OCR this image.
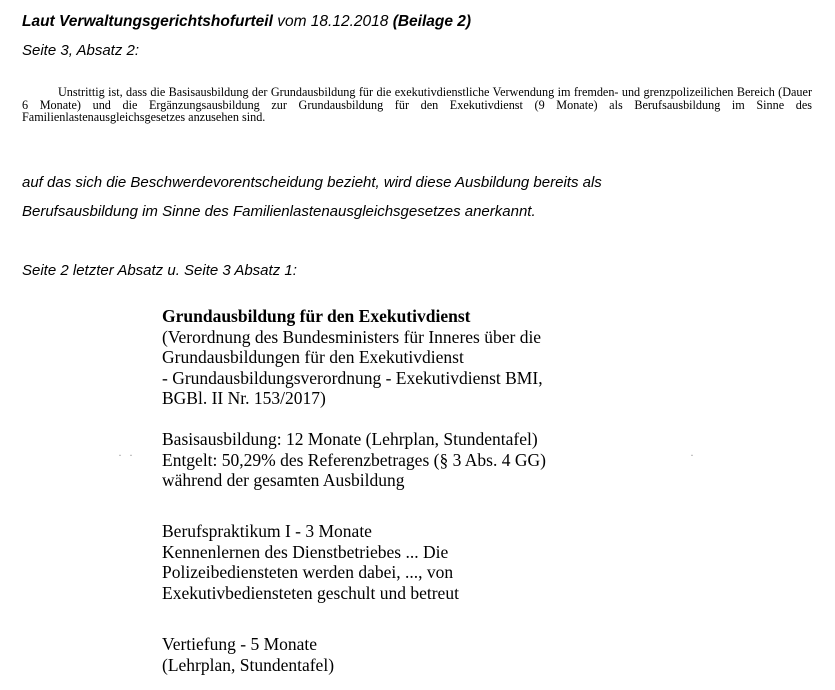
Laut Verwaltungsgerichtshofurteil vom 18.12.2018 (Beilage 2)
Seite 3, Absatz 2:
Unstrittig ist, dass die Basisausbildung der Grundausbildung für die exekutivdienstliche Verwendung im fremden- und grenzpolizeilichen Bereich (Dauer 6 Monate) und die Ergänzungsausbildung zur Grundausbildung für den Exekutivdienst (9 Monate) als Berufsausbildung im Sinne des Familienlastenausgleichsgesetzes anzusehen sind.
auf das sich die Beschwerdevorentscheidung bezieht, wird diese Ausbildung bereits als
Berufsausbildung im Sinne des Familienlastenausgleichsgesetzes anerkannt.
Seite 2 letzter Absatz u. Seite 3 Absatz 1:
Grundausbildung für den Exekutivdienst
(Verordnung des Bundesministers für Inneres über die
Grundausbildungen für den Exekutivdienst
- Grundausbildungsverordnung - Exekutivdienst BMI,
BGBl. II Nr. 153/2017)
Basisausbildung: 12 Monate (Lehrplan, Stundentafel)
Entgelt: 50,29% des Referenzbetrages (§ 3 Abs. 4 GG)
während der gesamten Ausbildung
Berufspraktikum I - 3 Monate
Kennenlernen des Dienstbetriebes ... Die
Polizeibediensteten werden dabei, ..., von
Exekutivbediensteten geschult und betreut
Vertiefung - 5 Monate
(Lehrplan, Stundentafel)
· ·	·
